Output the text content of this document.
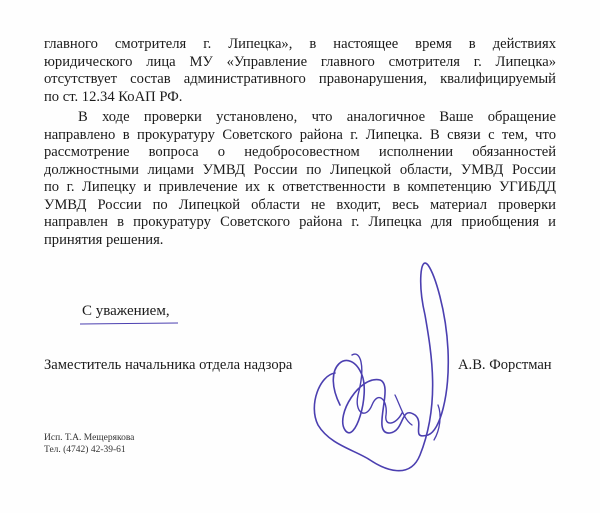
главного смотрителя г. Липецка», в настоящее время в действиях
юридического лица МУ «Управление главного смотрителя г. Липецка»
отсутствует состав административного правонарушения, квалифицируемый
по ст. 12.34 КоАП РФ.
В ходе проверки установлено, что аналогичное Ваше обращение
направлено в прокуратуру Советского района г. Липецка. В связи с тем, что
рассмотрение вопроса о недобросовестном исполнении обязанностей
должностными лицами УМВД России по Липецкой области, УМВД России
по г. Липецку и привлечение их к ответственности в компетенцию УГИБДД
УМВД России по Липецкой области не входит, весь материал проверки
направлен в прокуратуру Советского района г. Липецка для приобщения и
принятия решения.
С уважением,
Заместитель начальника отдела надзора	А.В. Форстман
Исп. Т.А. Мещерякова
Тел. (4742) 42-39-61
